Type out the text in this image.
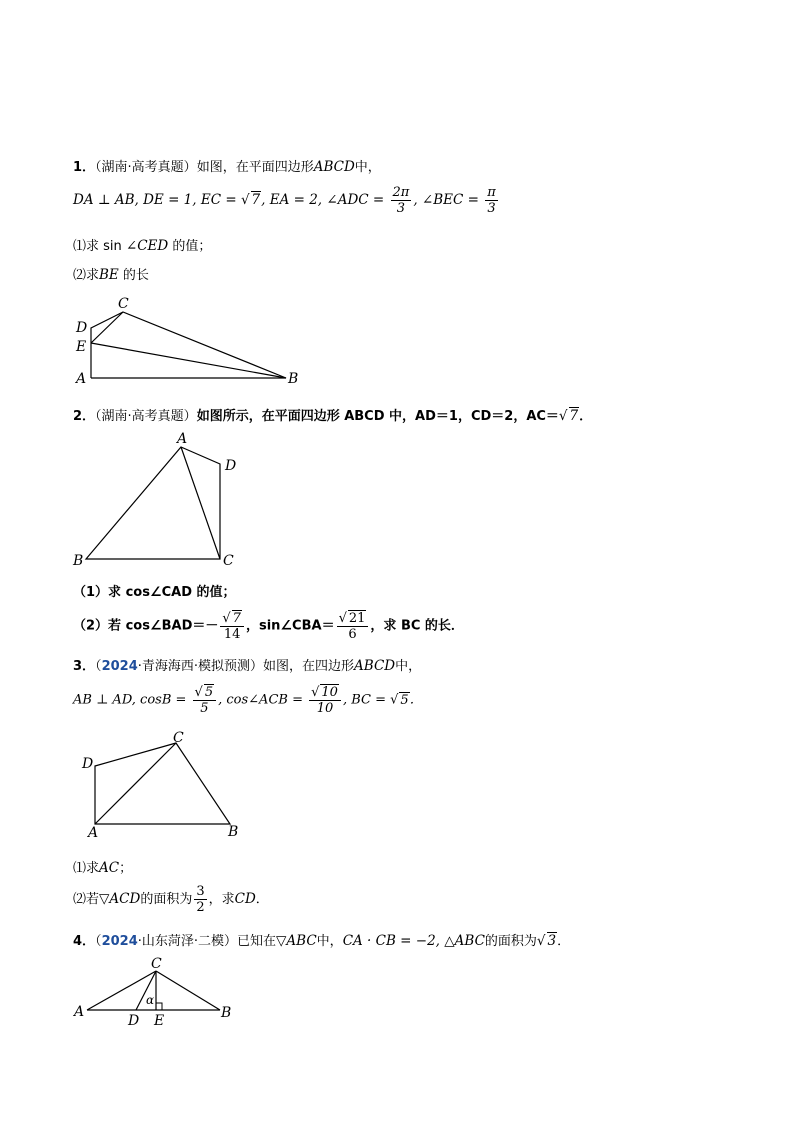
1．（湖南·高考真题）如图，在平面四边形ABCD中，
DA ⊥ AB, DE = 1, EC = √ 7, EA = 2, ∠ADC = $\frac{2\pi}{3}$ , ∠BEC = $\frac{\pi}{3}$
⑴求 sin ∠CED 的值；
⑵求BE 的长
C
D
E
A	B
2．（湖南·高考真题）如图所示，在平面四边形 ABCD 中，AD＝1，CD＝2，AC＝√ 7．
A
D
C
B
（1）求 cos∠CAD 的值；
（2）若 cos∠BAD＝－ $\frac{√ 7}{14}$ ，sin∠CBA＝ $\frac{√ 21}{6}$ ，求 BC 的长．
3．（2024·青海海西·模拟预测）如图，在四边形ABCD中，
AB ⊥ AD, $\cos B = \frac{√ 5}{5}$ , cos∠ACB = $\frac{√ 10}{10}$ , BC = √ 5．
C
D
A	B
⑴求AC；
⑵若▽ACD的面积为 $\frac{3}{2}$ ，求CD．
4．（2024·山东菏泽·二模）已知在▽ABC中，CA · CB = −2, △ABC的面积为√ 3．
C
A	B
D E
α
